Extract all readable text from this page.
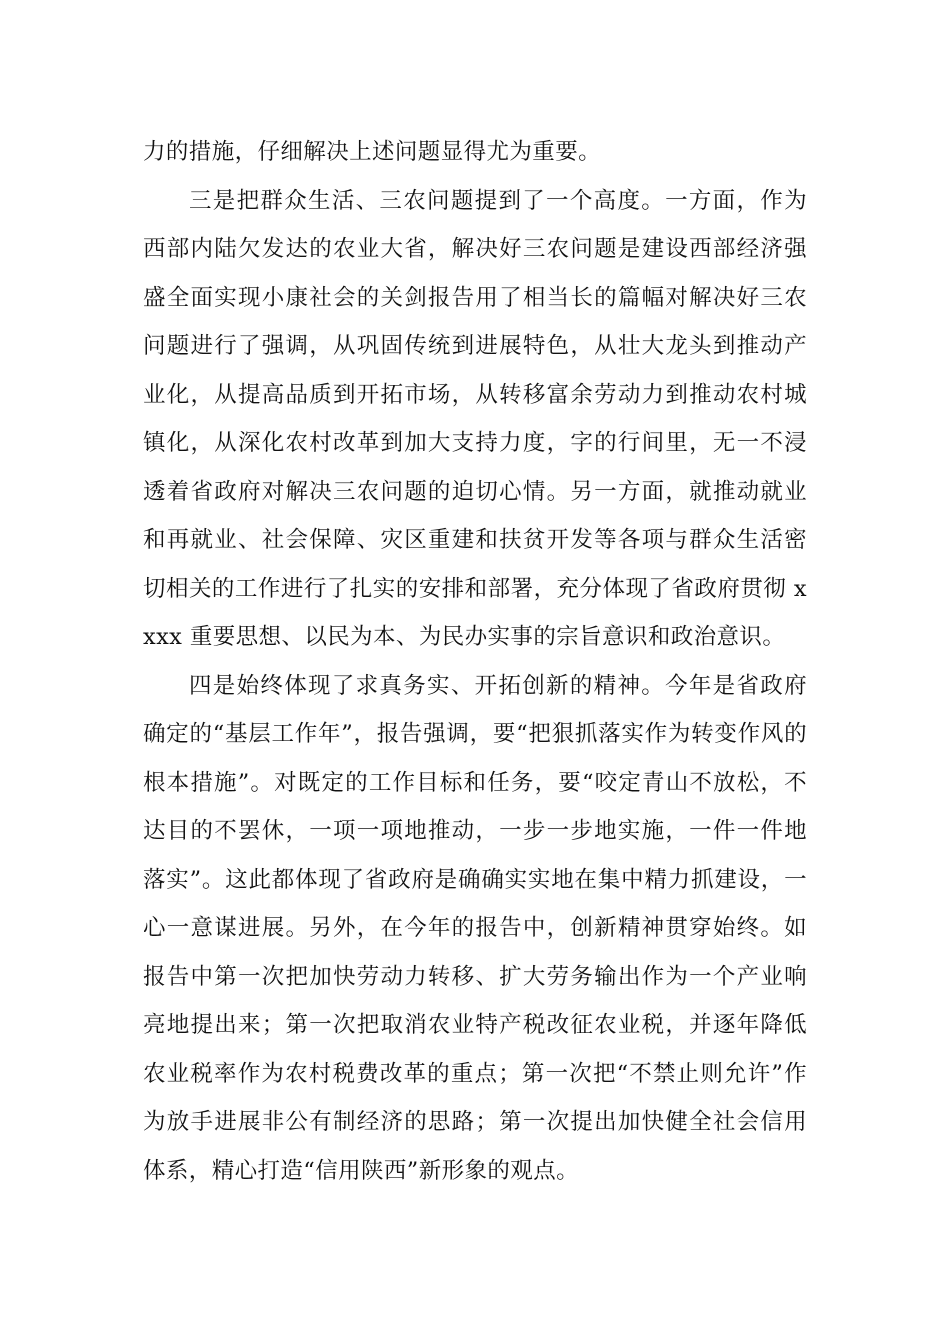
力的措施，仔细解决上述问题显得尤为重要。

三是把群众生活、三农问题提到了一个高度。一方面，作为西部内陆欠发达的农业大省，解决好三农问题是建设西部经济强盛全面实现小康社会的关剑报告用了相当长的篇幅对解决好三农问题进行了强调，从巩固传统到进展特色，从壮大龙头到推动产业化，从提高品质到开拓市场，从转移富余劳动力到推动农村城镇化，从深化农村改革到加大支持力度，字的行间里，无一不浸透着省政府对解决三农问题的迫切心情。另一方面，就推动就业和再就业、社会保障、灾区重建和扶贫开发等各项与群众生活密切相关的工作进行了扎实的安排和部署，充分体现了省政府贯彻 xxxx 重要思想、以民为本、为民办实事的宗旨意识和政治意识。

四是始终体现了求真务实、开拓创新的精神。今年是省政府确定的“基层工作年”，报告强调，要“把狠抓落实作为转变作风的根本措施”。对既定的工作目标和任务，要“咬定青山不放松，不达目的不罢休，一项一项地推动，一步一步地实施，一件一件地落实”。这此都体现了省政府是确确实实地在集中精力抓建设，一心一意谋进展。另外，在今年的报告中，创新精神贯穿始终。如报告中第一次把加快劳动力转移、扩大劳务输出作为一个产业响亮地提出来；第一次把取消农业特产税改征农业税，并逐年降低农业税率作为农村税费改革的重点；第一次把“不禁止则允许”作为放手进展非公有制经济的思路；第一次提出加快健全社会信用体系，精心打造“信用陕西”新形象的观点。
